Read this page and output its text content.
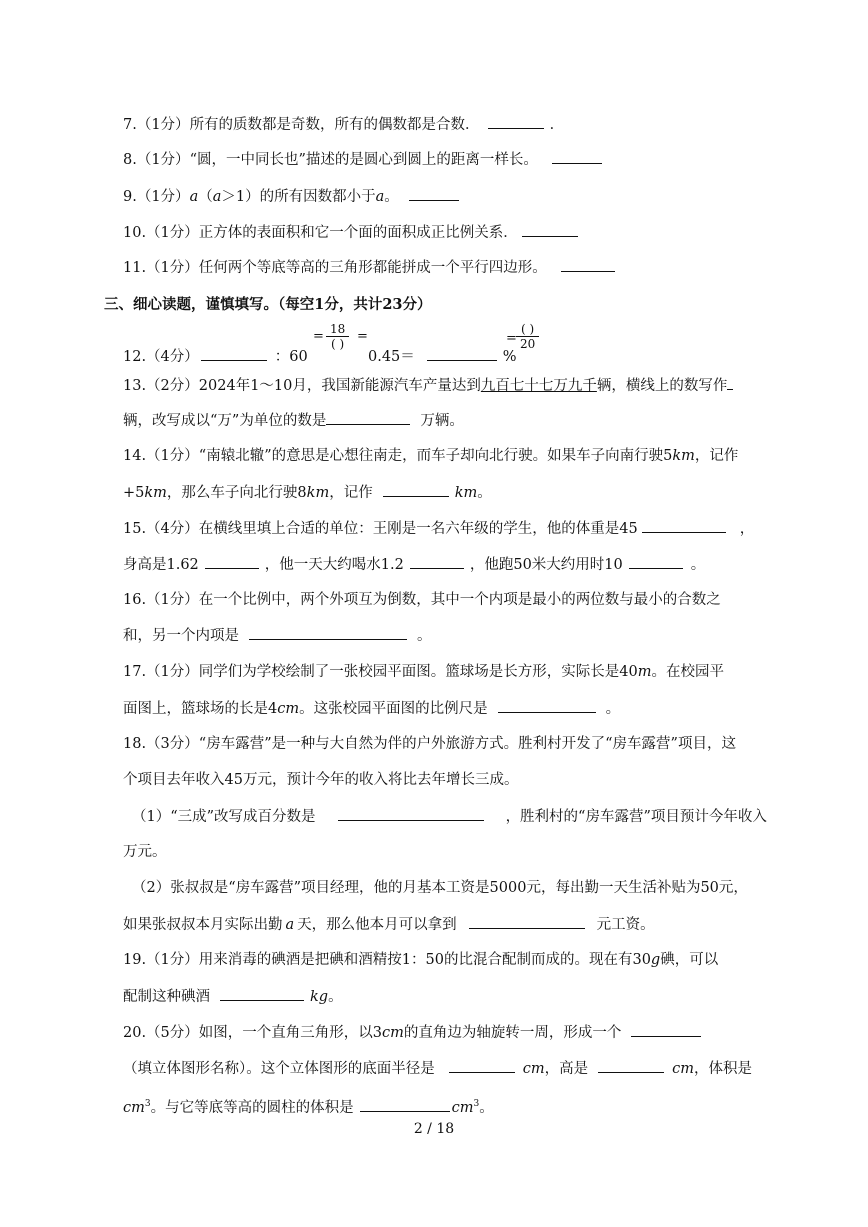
7.（1分）所有的质数都是奇数，所有的偶数都是合数．	．
8.（1分）“圆，一中同长也”描述的是圆心到圆上的距离一样长。
9.（1分）a（a＞1）的所有因数都小于a。
10.（1分）正方体的表面积和它一个面的面积成正比例关系．
11.（1分）任何两个等底等高的三角形都能拼成一个平行四边形。
三、细心读题，谨慎填写。（每空1分，共计23分）
12.（4分）	：60
= 18
( ) =
0.45＝	%
=
( )
20
13.（2分）2024年1～10月，我国新能源汽车产量达到九百七十七万九千辆，横线上的数写作
辆，改写成以“万”为单位的数是	万辆。
14.（1分）“南辕北辙”的意思是心想往南走，而车子却向北行驶。如果车子向南行驶5km，记作
+5km，那么车子向北行驶8km，记作	km。
15.（4分）在横线里填上合适的单位：王刚是一名六年级的学生，他的体重是45	，
身高是1.62	，他一天大约喝水1.2	，他跑50米大约用时10	。
16.（1分）在一个比例中，两个外项互为倒数，其中一个内项是最小的两位数与最小的合数之
和，另一个内项是	。
17.（1分）同学们为学校绘制了一张校园平面图。篮球场是长方形，实际长是40m。在校园平
面图上，篮球场的长是4cm。这张校园平面图的比例尺是	。
18.（3分）“房车露营”是一种与大自然为伴的户外旅游方式。胜利村开发了“房车露营”项目，这
个项目去年收入45万元，预计今年的收入将比去年增长三成。
（1）“三成”改写成百分数是	，胜利村的“房车露营”项目预计今年收入
万元。
（2）张叔叔是“房车露营”项目经理，他的月基本工资是5000元，每出勤一天生活补贴为50元，
如果张叔叔本月实际出勤 a 天，那么他本月可以拿到	元工资。
19.（1分）用来消毒的碘酒是把碘和酒精按1：50的比混合配制而成的。现在有30g碘，可以
配制这种碘酒	kg。
20.（5分）如图，一个直角三角形，以3cm的直角边为轴旋转一周，形成一个
（填立体图形名称）。这个立体图形的底面半径是	cm，高是	cm，体积是
$cm^3$。与它等底等高的圆柱的体积是	$cm^3$。
2 / 18
